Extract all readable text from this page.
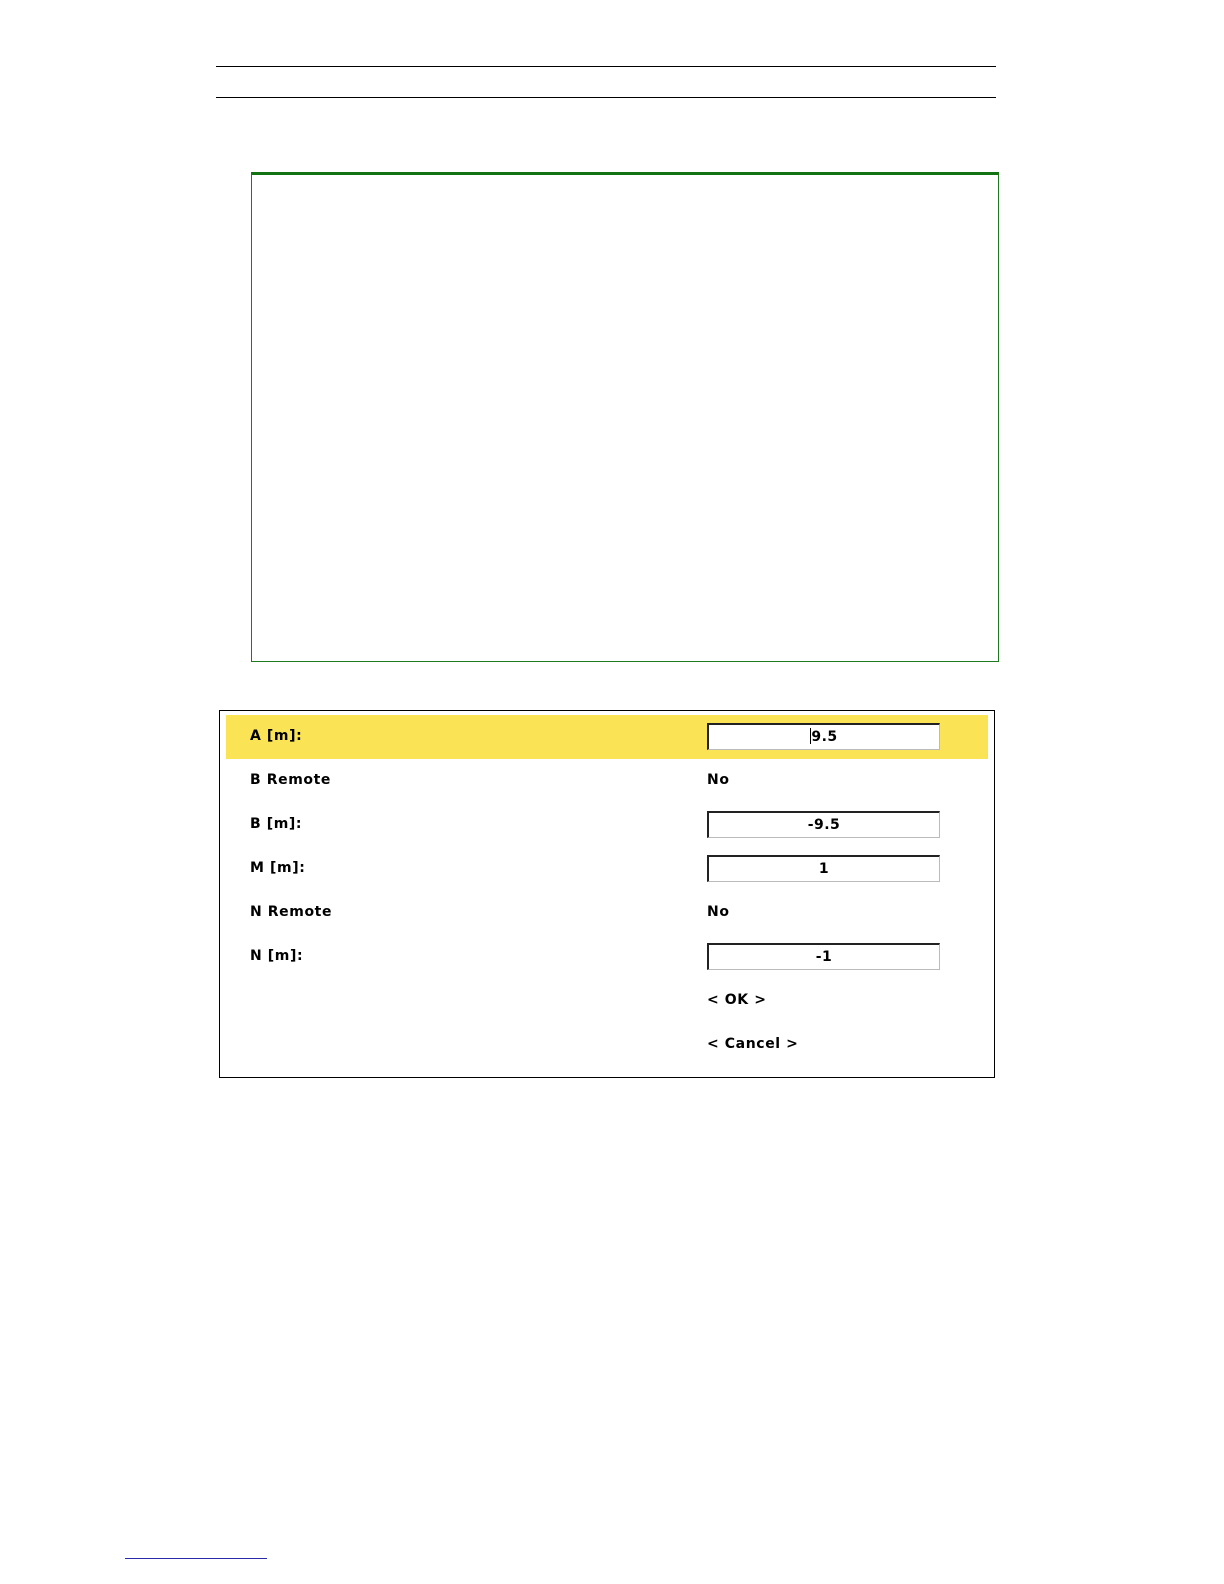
A [m]:	9.5
B Remote	No
B [m]:	-9.5
M [m]:	1
N Remote	No
N [m]:	-1
< OK >
< Cancel >
